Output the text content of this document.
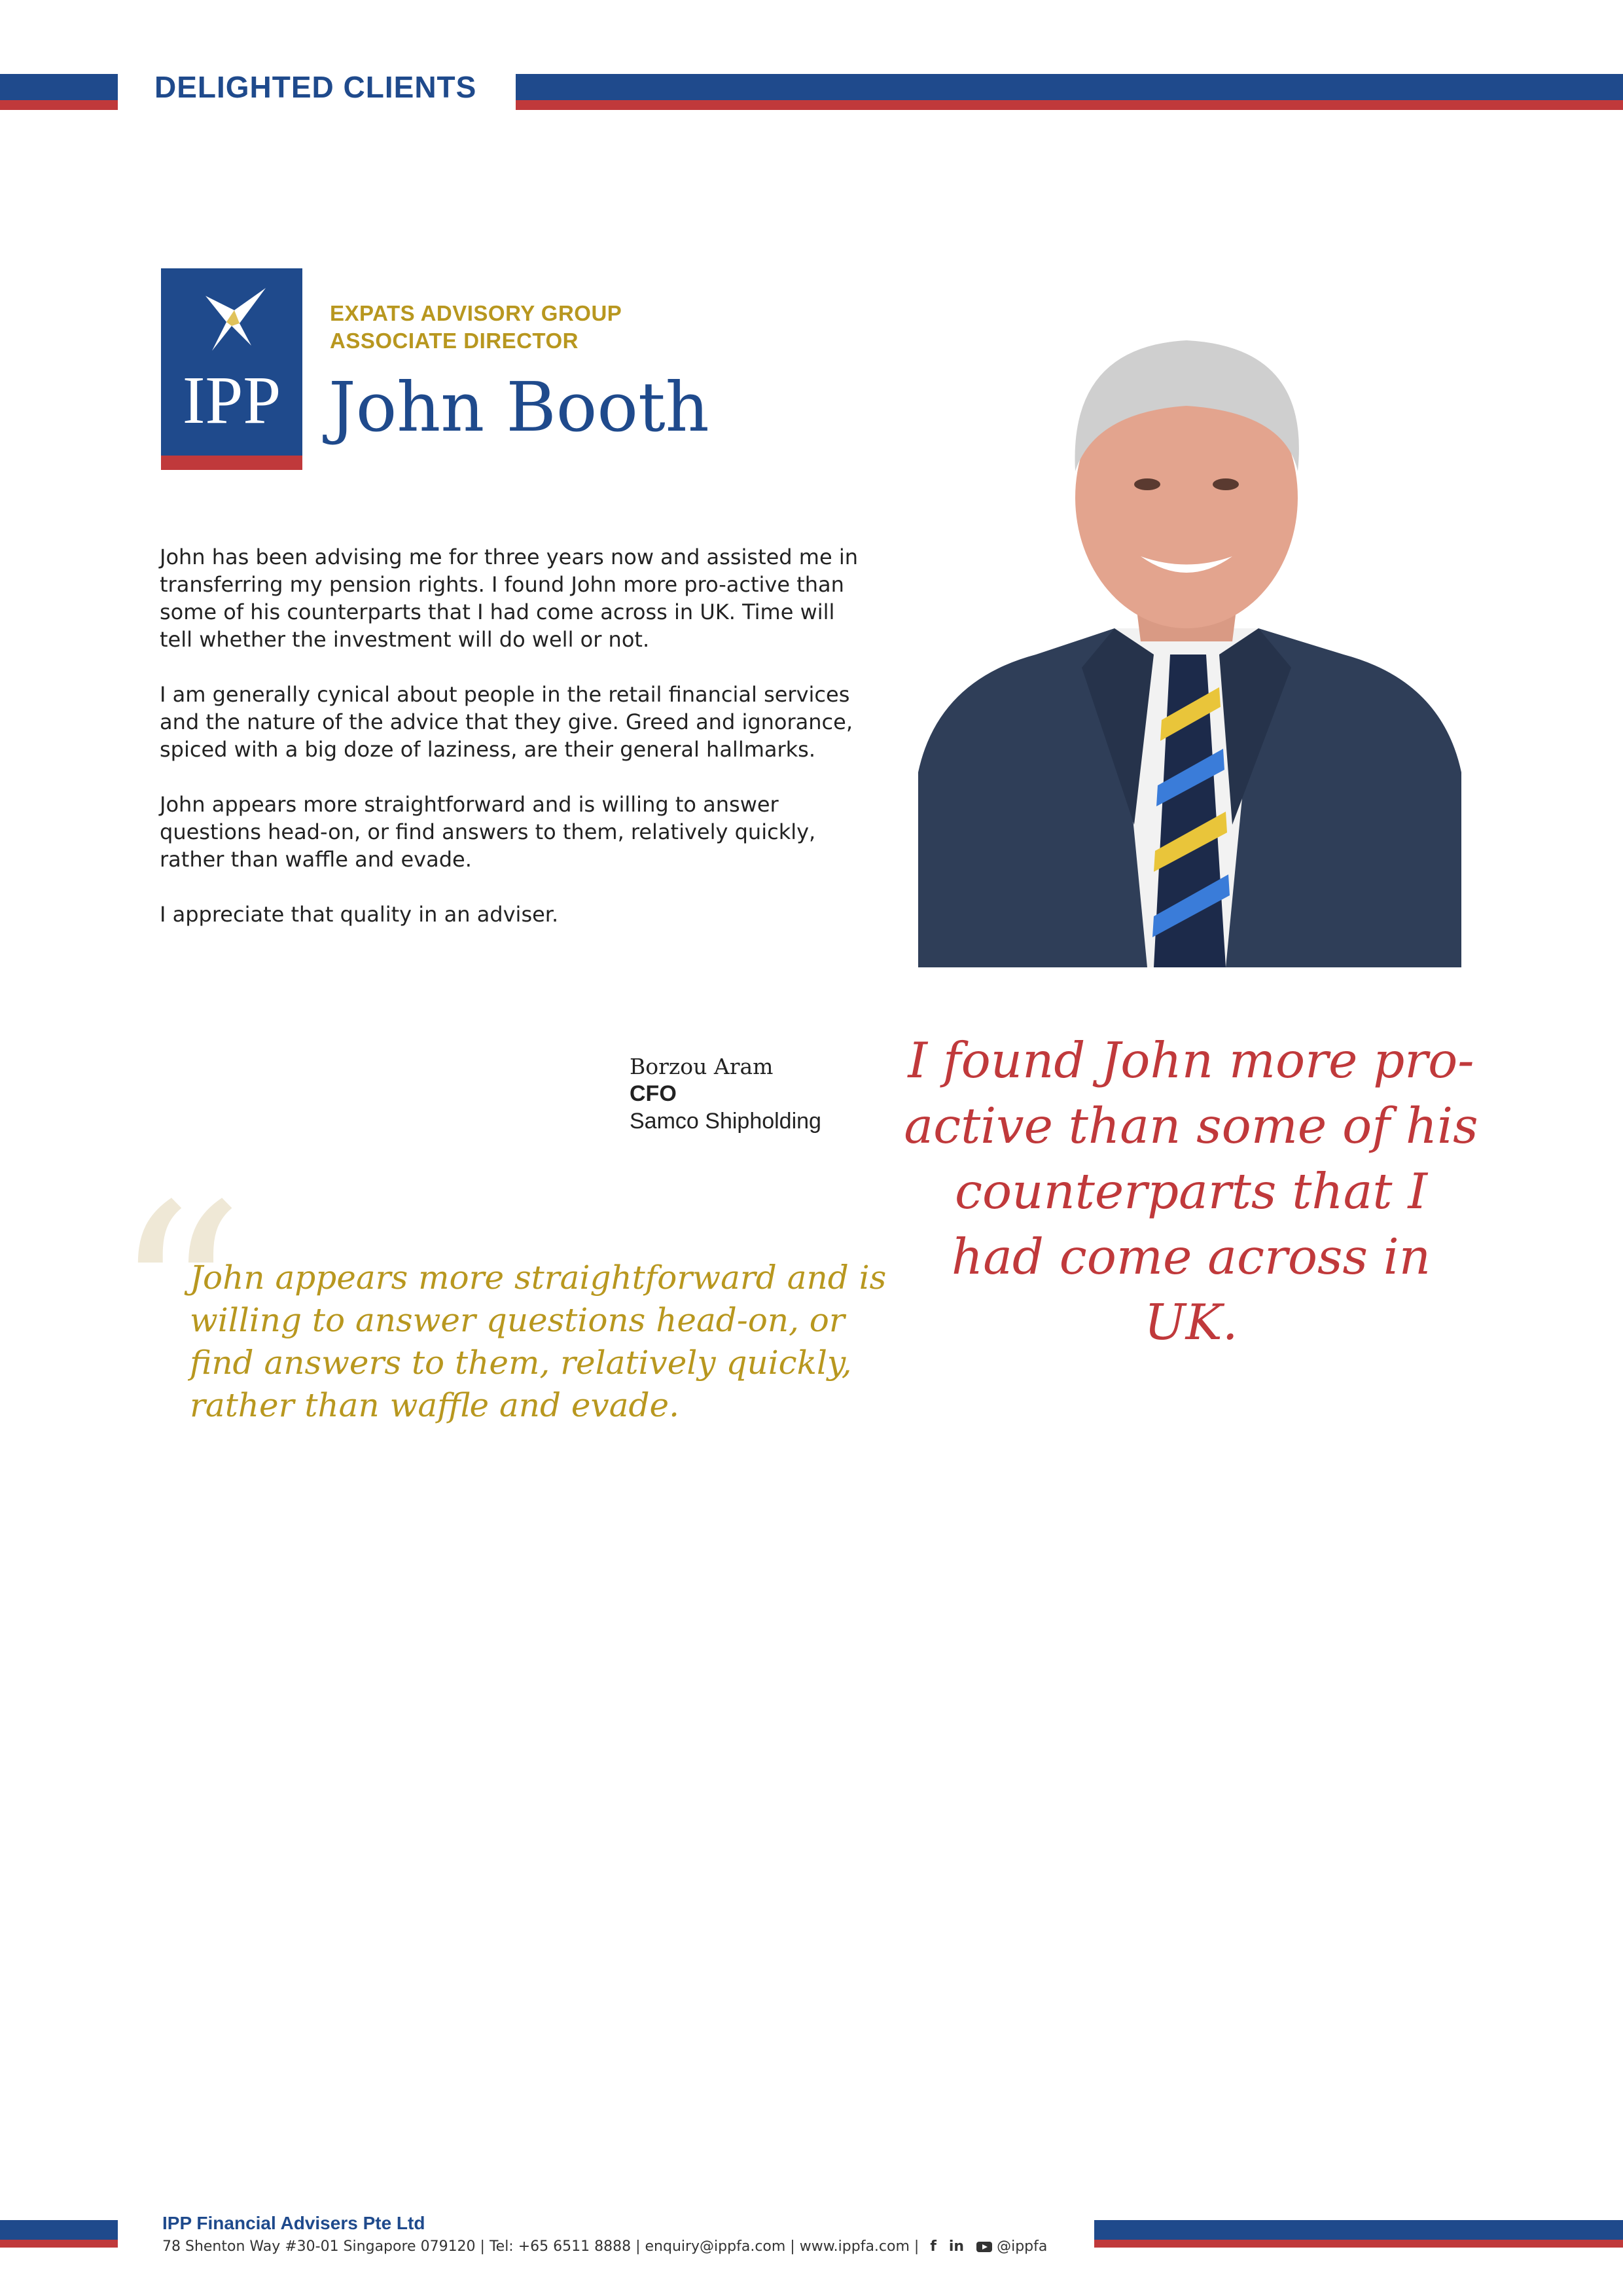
DELIGHTED CLIENTS
IPP
EXPATS ADVISORY GROUP
ASSOCIATE DIRECTOR
John Booth

John has been advising me for three years now and assisted me in transferring my pension rights. I found John more pro-active than some of his counterparts that I had come across in UK. Time will tell whether the investment will do well or not.

I am generally cynical about people in the retail financial services and the nature of the advice that they give. Greed and ignorance, spiced with a big doze of laziness, are their general hallmarks.

John appears more straightforward and is willing to answer questions head-on, or find answers to them, relatively quickly, rather than waffle and evade.

I appreciate that quality in an adviser.

Borzou Aram
CFO
Samco Shipholding
“
John appears more straightforward and is willing to answer questions head-on, or find answers to them, relatively quickly, rather than waffle and evade.
I found John more pro-active than some of his counterparts that I had come across in UK.
IPP Financial Advisers Pte Ltd
78 Shenton Way #30-01 Singapore 079120 | Tel: +65 6511 8888 | enquiry@ippfa.com | www.ippfa.com | f in @ippfa
